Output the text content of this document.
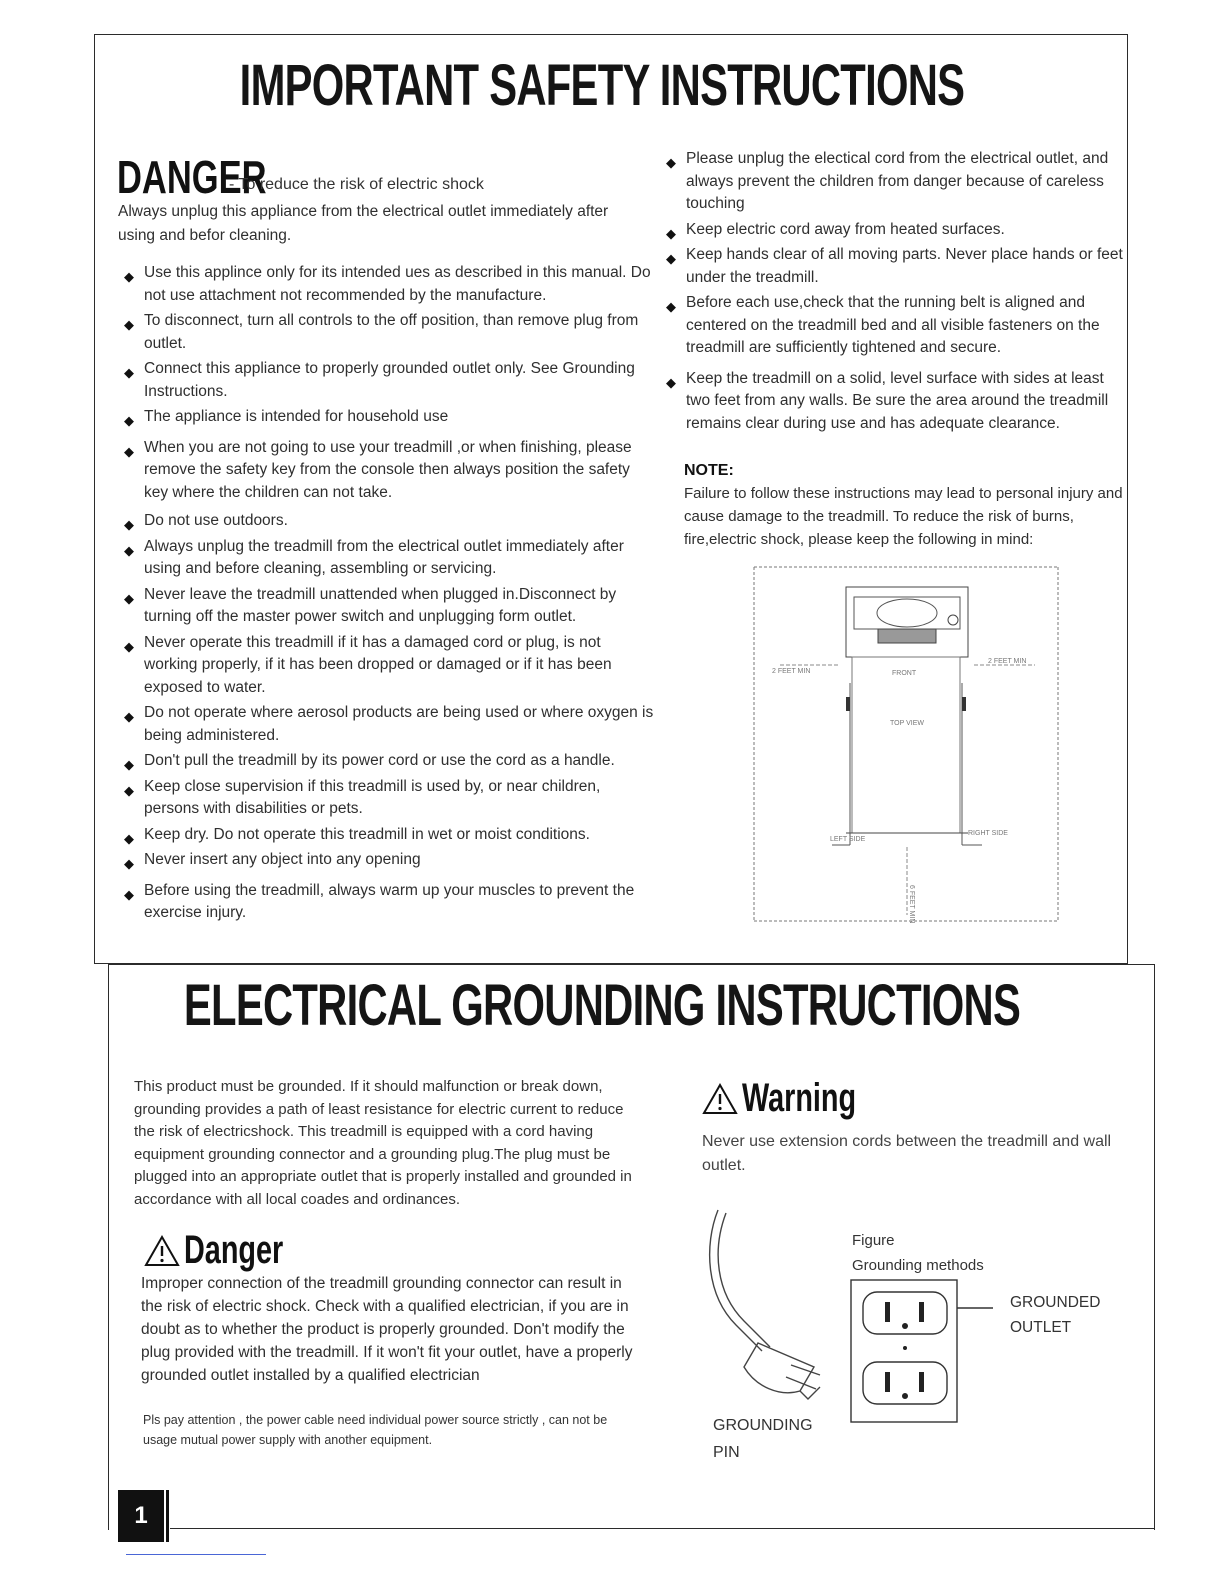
IMPORTANT SAFETY INSTRUCTIONS
DANGER- To reduce the risk of electric shock
Always unplug this appliance from the electrical outlet immediately after using and befor cleaning.
◆ Use this applince only for its intended ues as described in this manual. Do not use attachment not recommended by the manufacture.
◆ To disconnect, turn all controls to the off position, than remove plug from outlet.
◆ Connect this appliance to properly grounded outlet only. See Grounding Instructions.
◆ The appliance is intended for household use
◆ When you are not going to use your treadmill ,or when finishing, please remove the safety key from the console then always position the safety key where the children can not take.
◆ Do not use outdoors.
◆ Always unplug the treadmill from the electrical outlet immediately after using and before cleaning, assembling or servicing.
◆ Never leave the treadmill unattended when plugged in.Disconnect by turning off the master power switch and unplugging form outlet.
◆ Never operate this treadmill if it has a damaged cord or plug, is not working properly, if it has been dropped or damaged or if it has been exposed to water.
◆ Do not operate where aerosol products are being used or where oxygen is being administered.
◆ Don't pull the treadmill by its power cord or use the cord as a handle.
◆ Keep close supervision if this treadmill is used by, or near children, persons with disabilities or pets.
◆ Keep dry. Do not operate this treadmill in wet or moist conditions.
◆ Never insert any object into any opening
◆ Before using the treadmill, always warm up your muscles to prevent the exercise injury.
◆ Please unplug the electical cord from the electrical outlet, and always prevent the children from danger because of careless touching
◆ Keep electric cord away from heated surfaces.
◆ Keep hands clear of all moving parts. Never place hands or feet under the treadmill.
◆ Before each use,check that the running belt is aligned and centered on the treadmill bed and all visible fasteners on the treadmill are sufficiently tightened and secure.
◆ Keep the treadmill on a solid, level surface with sides at least two feet from any walls. Be sure the area around the treadmill remains clear during use and has adequate clearance.
NOTE:
Failure to follow these instructions may lead to personal injury and cause damage to the treadmill. To reduce the risk of burns, fire,electric shock, please keep the following in mind:
2 FEET MIN
2 FEET MIN
FRONT
TOP VIEW
LEFT SIDE
RIGHT SIDE
6 FEET MIN
ELECTRICAL GROUNDING INSTRUCTIONS
This product must be grounded. If it should malfunction or break down, grounding provides a path of least resistance for electric current to reduce the risk of electricshock. This treadmill is equipped with a cord having equipment grounding connector and a grounding plug.The plug must be plugged into an appropriate outlet that is properly installed and grounded in accordance with all local coades and ordinances.
Warning
Never use extension cords between the treadmill and wall outlet.
Danger
Improper connection of the treadmill grounding connector can result in the risk of electric shock. Check with a qualified electrician, if you are in doubt as to whether the product is properly grounded. Don't modify the plug provided with the treadmill. If it won't fit your outlet, have a properly grounded outlet installed by a qualified electrician
Pls pay attention , the power cable need individual power source strictly , can not be usage mutual power supply with another equipment.
Figure
Grounding methods
GROUNDED
OUTLET
GROUNDING
PIN
1
